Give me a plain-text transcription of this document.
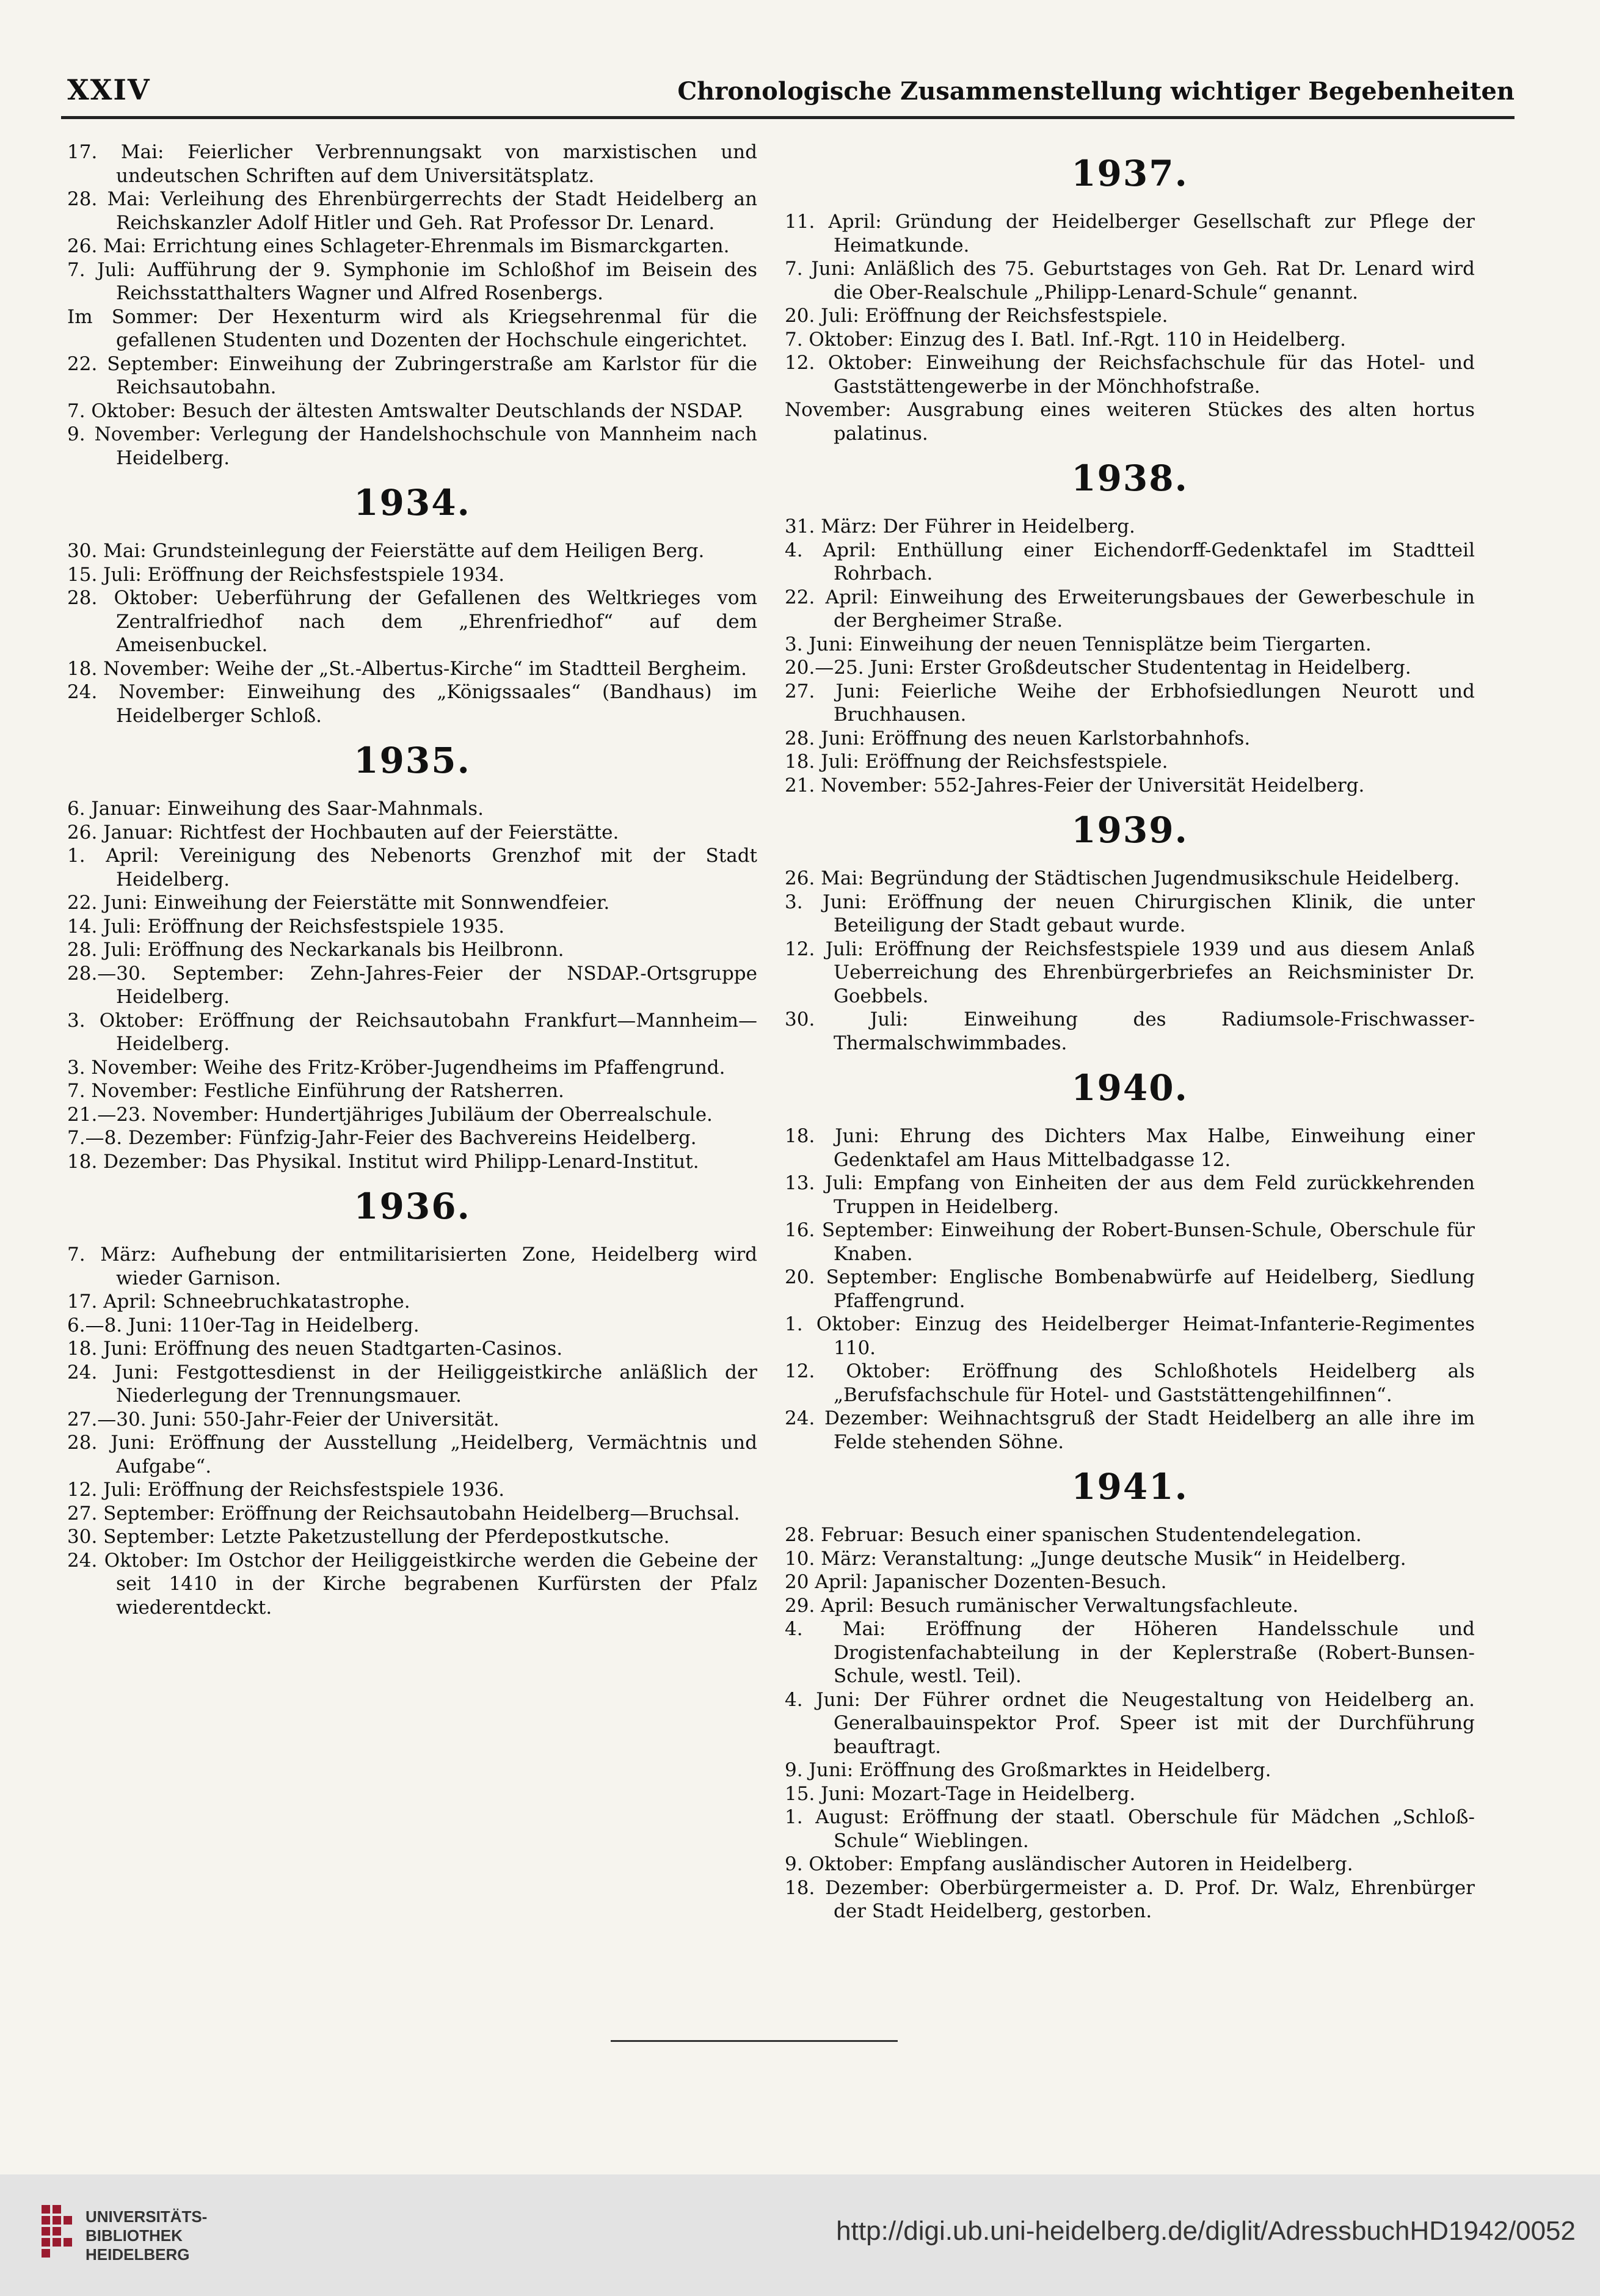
XXIV	Chronologische Zusammenstellung wichtiger Begebenheiten

17. Mai: Feierlicher Verbrennungsakt von marxistischen und undeutschen Schriften auf dem Universitätsplatz.

28. Mai: Verleihung des Ehrenbürgerrechts der Stadt Heidelberg an Reichskanzler Adolf Hitler und Geh. Rat Professor Dr. Lenard.

26. Mai: Errichtung eines Schlageter-Ehrenmals im Bismarckgarten.

7. Juli: Aufführung der 9. Symphonie im Schloßhof im Beisein des Reichsstatthalters Wagner und Alfred Rosenbergs.

Im Sommer: Der Hexenturm wird als Kriegsehrenmal für die gefallenen Studenten und Dozenten der Hochschule eingerichtet.

22. September: Einweihung der Zubringerstraße am Karlstor für die Reichsautobahn.

7. Oktober: Besuch der ältesten Amtswalter Deutschlands der NSDAP.

9. November: Verlegung der Handelshochschule von Mannheim nach Heidelberg.

1934.

30. Mai: Grundsteinlegung der Feierstätte auf dem Heiligen Berg.

15. Juli: Eröffnung der Reichsfestspiele 1934.

28. Oktober: Ueberführung der Gefallenen des Weltkrieges vom Zentralfriedhof nach dem „Ehrenfriedhof“ auf dem Ameisenbuckel.

18. November: Weihe der „St.-Albertus-Kirche“ im Stadtteil Bergheim.

24. November: Einweihung des „Königssaales“ (Bandhaus) im Heidelberger Schloß.

1935.

6. Januar: Einweihung des Saar-Mahnmals.

26. Januar: Richtfest der Hochbauten auf der Feierstätte.

1. April: Vereinigung des Nebenorts Grenzhof mit der Stadt Heidelberg.

22. Juni: Einweihung der Feierstätte mit Sonnwendfeier.

14. Juli: Eröffnung der Reichsfestspiele 1935.

28. Juli: Eröffnung des Neckarkanals bis Heilbronn.

28.—30. September: Zehn-Jahres-Feier der NSDAP.-Ortsgruppe Heidelberg.

3. Oktober: Eröffnung der Reichsautobahn Frankfurt—Mannheim—Heidelberg.

3. November: Weihe des Fritz-Kröber-Jugendheims im Pfaffengrund.

7. November: Festliche Einführung der Ratsherren.

21.—23. November: Hundertjähriges Jubiläum der Oberrealschule.

7.—8. Dezember: Fünfzig-Jahr-Feier des Bachvereins Heidelberg.

18. Dezember: Das Physikal. Institut wird Philipp-Lenard-Institut.

1936.

7. März: Aufhebung der entmilitarisierten Zone, Heidelberg wird wieder Garnison.

17. April: Schneebruchkatastrophe.

6.—8. Juni: 110er-Tag in Heidelberg.

18. Juni: Eröffnung des neuen Stadtgarten-Casinos.

24. Juni: Festgottesdienst in der Heiliggeistkirche anläßlich der Niederlegung der Trennungsmauer.

27.—30. Juni: 550-Jahr-Feier der Universität.

28. Juni: Eröffnung der Ausstellung „Heidelberg, Vermächtnis und Aufgabe“.

12. Juli: Eröffnung der Reichsfestspiele 1936.

27. September: Eröffnung der Reichsautobahn Heidelberg—Bruchsal.

30. September: Letzte Paketzustellung der Pferdepostkutsche.

24. Oktober: Im Ostchor der Heiliggeistkirche werden die Gebeine der seit 1410 in der Kirche begrabenen Kurfürsten der Pfalz wiederentdeckt.

1937.

11. April: Gründung der Heidelberger Gesellschaft zur Pflege der Heimatkunde.

7. Juni: Anläßlich des 75. Geburtstages von Geh. Rat Dr. Lenard wird die Ober-Realschule „Philipp-Lenard-Schule“ genannt.

20. Juli: Eröffnung der Reichsfestspiele.

7. Oktober: Einzug des I. Batl. Inf.-Rgt. 110 in Heidelberg.

12. Oktober: Einweihung der Reichsfachschule für das Hotel- und Gaststättengewerbe in der Mönchhofstraße.

November: Ausgrabung eines weiteren Stückes des alten hortus palatinus.

1938.

31. März: Der Führer in Heidelberg.

4. April: Enthüllung einer Eichendorff-Gedenktafel im Stadtteil Rohrbach.

22. April: Einweihung des Erweiterungsbaues der Gewerbeschule in der Bergheimer Straße.

3. Juni: Einweihung der neuen Tennisplätze beim Tiergarten.

20.—25. Juni: Erster Großdeutscher Studententag in Heidelberg.

27. Juni: Feierliche Weihe der Erbhofsiedlungen Neurott und Bruchhausen.

28. Juni: Eröffnung des neuen Karlstorbahnhofs.

18. Juli: Eröffnung der Reichsfestspiele.

21. November: 552-Jahres-Feier der Universität Heidelberg.

1939.

26. Mai: Begründung der Städtischen Jugendmusikschule Heidelberg.

3. Juni: Eröffnung der neuen Chirurgischen Klinik, die unter Beteiligung der Stadt gebaut wurde.

12. Juli: Eröffnung der Reichsfestspiele 1939 und aus diesem Anlaß Ueberreichung des Ehrenbürgerbriefes an Reichsminister Dr. Goebbels.

30. Juli: Einweihung des Radiumsole-Frischwasser-Thermalschwimmbades.

1940.

18. Juni: Ehrung des Dichters Max Halbe, Einweihung einer Gedenktafel am Haus Mittelbadgasse 12.

13. Juli: Empfang von Einheiten der aus dem Feld zurückkehrenden Truppen in Heidelberg.

16. September: Einweihung der Robert-Bunsen-Schule, Oberschule für Knaben.

20. September: Englische Bombenabwürfe auf Heidelberg, Siedlung Pfaffengrund.

1. Oktober: Einzug des Heidelberger Heimat-Infanterie-Regimentes 110.

12. Oktober: Eröffnung des Schloßhotels Heidelberg als „Berufsfachschule für Hotel- und Gaststättengehilfinnen“.

24. Dezember: Weihnachtsgruß der Stadt Heidelberg an alle ihre im Felde stehenden Söhne.

1941.

28. Februar: Besuch einer spanischen Studentendelegation.

10. März: Veranstaltung: „Junge deutsche Musik“ in Heidelberg.

20 April: Japanischer Dozenten-Besuch.

29. April: Besuch rumänischer Verwaltungsfachleute.

4. Mai: Eröffnung der Höheren Handelsschule und Drogistenfachabteilung in der Keplerstraße (Robert-Bunsen-Schule, westl. Teil).

4. Juni: Der Führer ordnet die Neugestaltung von Heidelberg an. Generalbauinspektor Prof. Speer ist mit der Durchführung beauftragt.

9. Juni: Eröffnung des Großmarktes in Heidelberg.

15. Juni: Mozart-Tage in Heidelberg.

1. August: Eröffnung der staatl. Oberschule für Mädchen „Schloß-Schule“ Wieblingen.

9. Oktober: Empfang ausländischer Autoren in Heidelberg.

18. Dezember: Oberbürgermeister a. D. Prof. Dr. Walz, Ehrenbürger der Stadt Heidelberg, gestorben.

UNIVERSITÄTS-
BIBLIOTHEK
HEIDELBERG
http://digi.ub.uni-heidelberg.de/diglit/AdressbuchHD1942/0052
